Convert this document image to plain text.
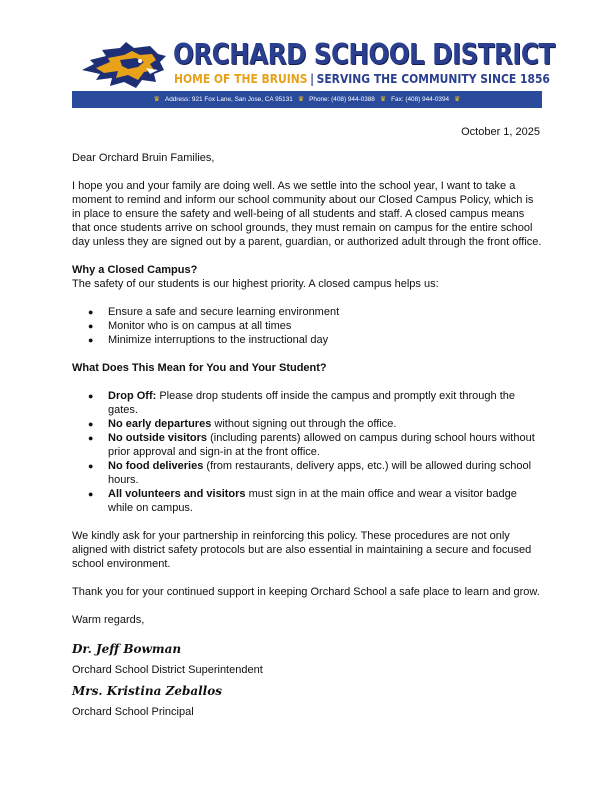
ORCHARD SCHOOL DISTRICT
HOME OF THE BRUINS | SERVING THE COMMUNITY SINCE 1856
♛ Address: 921 Fox Lane, San Jose, CA 95131 ♛ Phone: (408) 944-0388 ♛ Fax: (408) 944-0394 ♛
October 1, 2025

Dear Orchard Bruin Families,

I hope you and your family are doing well. As we settle into the school year, I want to take a moment to remind and inform our school community about our Closed Campus Policy, which is in place to ensure the safety and well-being of all students and staff. A closed campus means that once students arrive on school grounds, they must remain on campus for the entire school day unless they are signed out by a parent, guardian, or authorized adult through the front office.

Why a Closed Campus?

The safety of our students is our highest priority. A closed campus helps us:

● Ensure a safe and secure learning environment
● Monitor who is on campus at all times
● Minimize interruptions to the instructional day

What Does This Mean for You and Your Student?

● Drop Off: Please drop students off inside the campus and promptly exit through the gates.
● No early departures without signing out through the office.
● No outside visitors (including parents) allowed on campus during school hours without prior approval and sign-in at the front office.
● No food deliveries (from restaurants, delivery apps, etc.) will be allowed during school hours.
● All volunteers and visitors must sign in at the main office and wear a visitor badge while on campus.

We kindly ask for your partnership in reinforcing this policy. These procedures are not only aligned with district safety protocols but are also essential in maintaining a secure and focused school environment.

Thank you for your continued support in keeping Orchard School a safe place to learn and grow.

Warm regards,

Dr. Jeff Bowman

Orchard School District Superintendent

Mrs. Kristina Zeballos

Orchard School Principal
